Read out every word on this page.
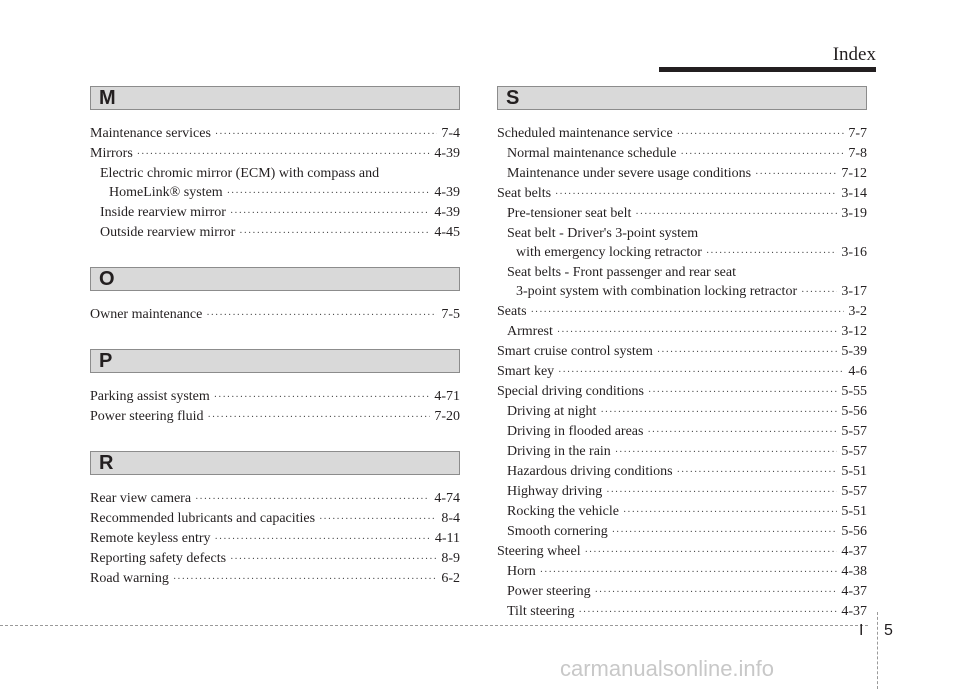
Index
M
Maintenance services ·····	7-4
Mirrors ·····	4-39
Electric chromic mirror (ECM) with compass and
HomeLink® system ·····	4-39
Inside rearview mirror ·····	4-39
Outside rearview mirror ·····	4-45
O
Owner maintenance ·····	7-5
P
Parking assist system ·····	4-71
Power steering fluid ·····	7-20
R
Rear view camera ·····	4-74
Recommended lubricants and capacities ·····	8-4
Remote keyless entry ·····	4-11
Reporting safety defects ·····	8-9
Road warning ·····	6-2
S
Scheduled maintenance service ·····	7-7
Normal maintenance schedule ·····	7-8
Maintenance under severe usage conditions ·····	7-12
Seat belts ·····	3-14
Pre-tensioner seat belt ·····	3-19
Seat belt - Driver's 3-point system
with emergency locking retractor ·····	3-16
Seat belts - Front passenger and rear seat
3-point system with combination locking retractor ·····	3-17
Seats ·····	3-2
Armrest ·····	3-12
Smart cruise control system ·····	5-39
Smart key ·····	4-6
Special driving conditions ·····	5-55
Driving at night ·····	5-56
Driving in flooded areas ·····	5-57
Driving in the rain ·····	5-57
Hazardous driving conditions ·····	5-51
Highway driving ·····	5-57
Rocking the vehicle ·····	5-51
Smooth cornering ·····	5-56
Steering wheel ·····	4-37
Horn ·····	4-38
Power steering ·····	4-37
Tilt steering ·····	4-37
I 5
carmanualsonline.info
